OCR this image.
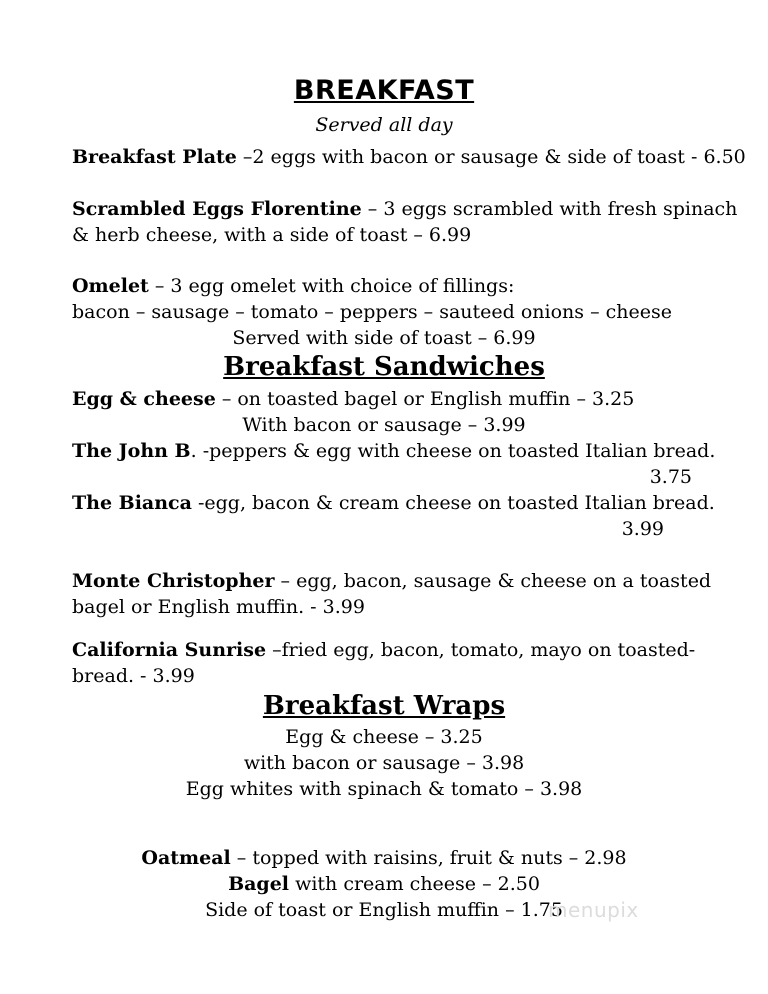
BREAKFAST
Served all day
Breakfast Plate –2 eggs with bacon or sausage & side of toast - 6.50
Scrambled Eggs Florentine – 3 eggs scrambled with fresh spinach
& herb cheese, with a side of toast – 6.99
Omelet – 3 egg omelet with choice of fillings:
bacon – sausage – tomato – peppers – sauteed onions – cheese
Served with side of toast – 6.99
Breakfast Sandwiches
Egg & cheese – on toasted bagel or English muffin – 3.25
With bacon or sausage – 3.99
The John B. -peppers & egg with cheese on toasted Italian bread.
3.75
The Bianca -egg, bacon & cream cheese on toasted Italian bread.
3.99
Monte Christopher – egg, bacon, sausage & cheese on a toasted
bagel or English muffin. - 3.99
California Sunrise –fried egg, bacon, tomato, mayo on toasted-
bread. - 3.99
Breakfast Wraps
Egg & cheese – 3.25
with bacon or sausage – 3.98
Egg whites with spinach & tomato – 3.98
Oatmeal – topped with raisins, fruit & nuts – 2.98
Bagel with cream cheese – 2.50
Side of toast or English muffin – 1.75
menupix
